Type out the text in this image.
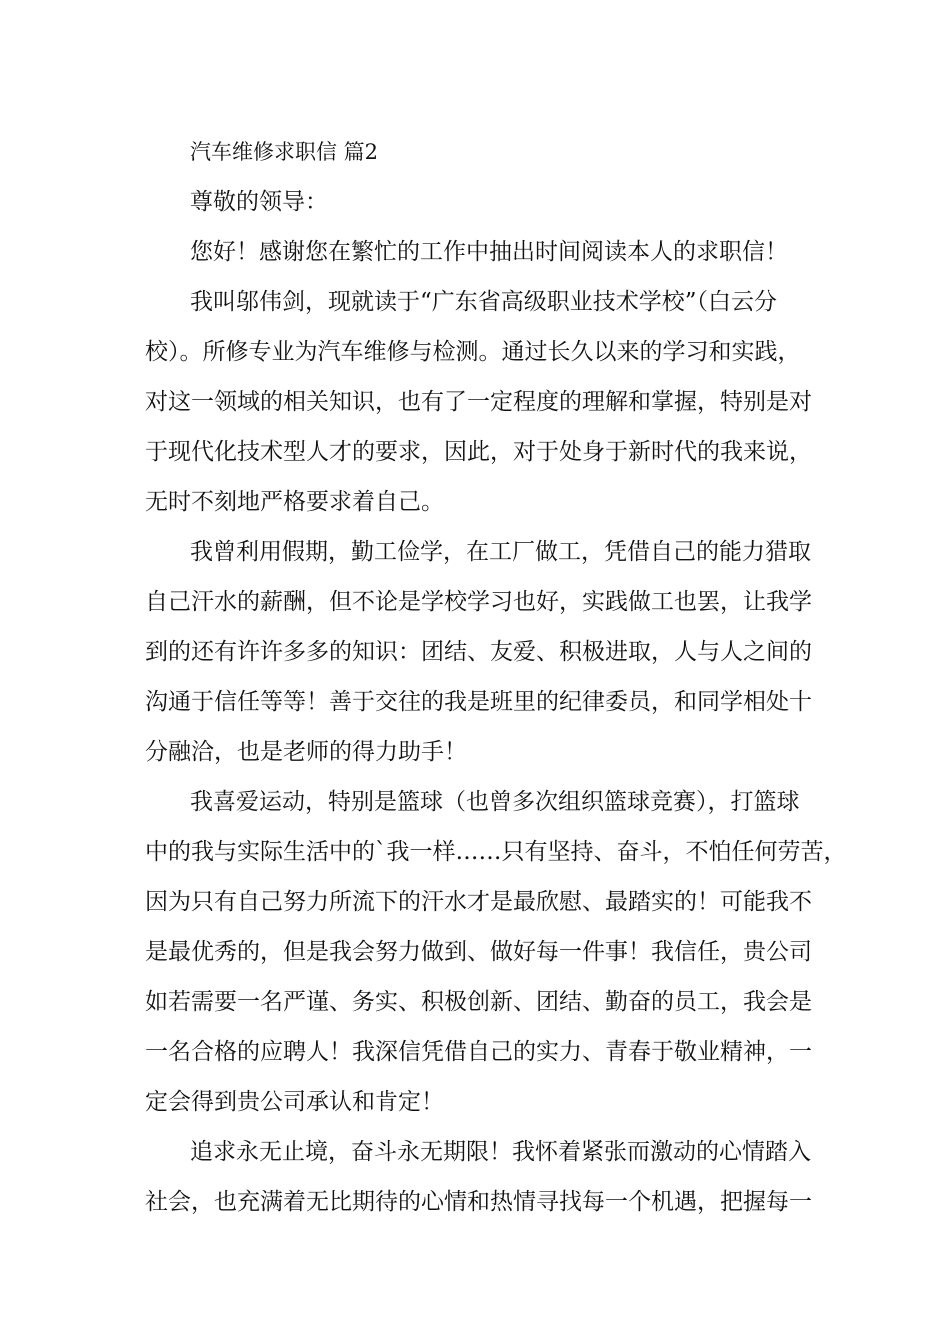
汽车维修求职信 篇2
尊敬的领导：
您好！感谢您在繁忙的工作中抽出时间阅读本人的求职信！
我叫邬伟剑，现就读于“广东省高级职业技术学校”（白云分
校）。所修专业为汽车维修与检测。通过长久以来的学习和实践，
对这一领域的相关知识，也有了一定程度的理解和掌握，特别是对
于现代化技术型人才的要求，因此，对于处身于新时代的我来说，
无时不刻地严格要求着自己。
我曾利用假期，勤工俭学，在工厂做工，凭借自己的能力猎取
自己汗水的薪酬，但不论是学校学习也好，实践做工也罢，让我学
到的还有许许多多的知识：团结、友爱、积极进取，人与人之间的
沟通于信任等等！善于交往的我是班里的纪律委员，和同学相处十
分融洽，也是老师的得力助手！
我喜爱运动，特别是篮球（也曾多次组织篮球竞赛），打篮球
中的我与实际生活中的`我一样……只有坚持、奋斗，不怕任何劳苦，
因为只有自己努力所流下的汗水才是最欣慰、最踏实的！可能我不
是最优秀的，但是我会努力做到、做好每一件事！我信任，贵公司
如若需要一名严谨、务实、积极创新、团结、勤奋的员工，我会是
一名合格的应聘人！我深信凭借自己的实力、青春于敬业精神，一
定会得到贵公司承认和肯定！
追求永无止境，奋斗永无期限！我怀着紧张而激动的心情踏入
社会，也充满着无比期待的心情和热情寻找每一个机遇，把握每一
